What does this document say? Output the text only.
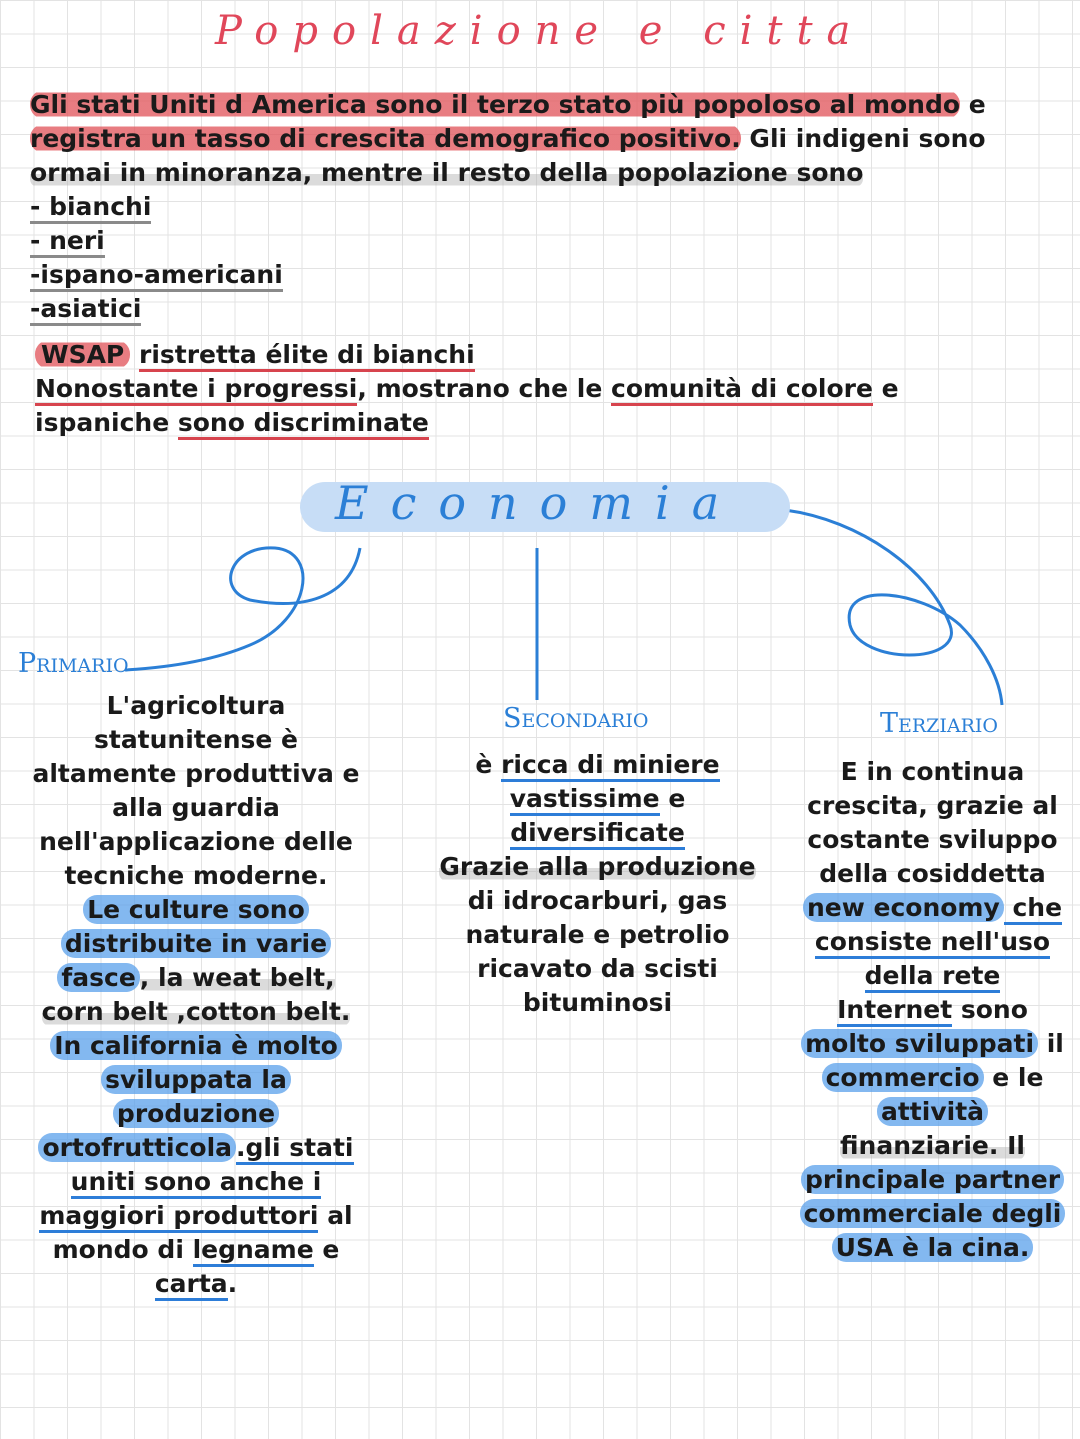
Popolazione e citta
Gli stati Uniti d America sono il terzo stato più popoloso al mondo e
registra un tasso di crescita demografico positivo. Gli indigeni sono
ormai in minoranza, mentre il resto della popolazione sono
- bianchi
- neri
-ispano-americani
-asiatici
WSAP ristretta élite di bianchi
Nonostante i progressi, mostrano che le comunità di colore e
ispaniche sono discriminate
Economia
Primario
Secondario	Terziario
L'agricoltura
statunitense è
altamente produttiva e
alla guardia
nell'applicazione delle
tecniche moderne.
Le culture sono
distribuite in varie
fasce , la weat belt,
corn belt ,cotton belt.
In california è molto
sviluppata la
produzione
ortofrutticola .gli stati
uniti sono anche i
maggiori produttori al
mondo di legname e
carta.
è ricca di miniere
vastissime e
diversificate
Grazie alla produzione
di idrocarburi, gas
naturale e petrolio
ricavato da scisti
bituminosi
E in continua
crescita, grazie al
costante sviluppo
della cosiddetta
new economy che
consiste nell'uso
della rete
Internet sono
molto sviluppati il
commercio e le
attività
finanziarie. Il
principale partner
commerciale degli
USA è la cina.
